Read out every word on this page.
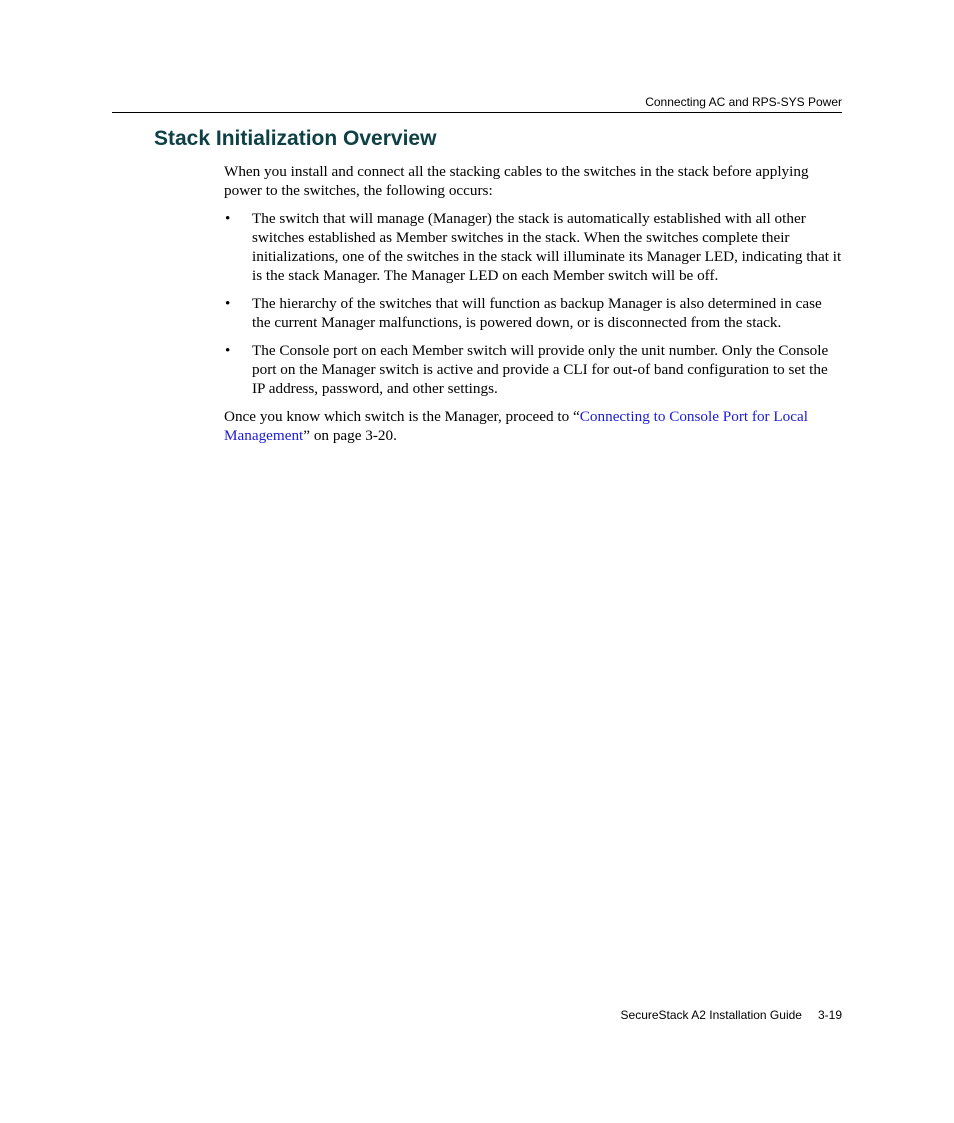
Connecting AC and RPS-SYS Power
Stack Initialization Overview

When you install and connect all the stacking cables to the switches in the stack before applying power to the switches, the following occurs:

• The switch that will manage (Manager) the stack is automatically established with all other switches established as Member switches in the stack. When the switches complete their initializations, one of the switches in the stack will illuminate its Manager LED, indicating that it is the stack Manager. The Manager LED on each Member switch will be off.
• The hierarchy of the switches that will function as backup Manager is also determined in case the current Manager malfunctions, is powered down, or is disconnected from the stack.
• The Console port on each Member switch will provide only the unit number. Only the Console port on the Manager switch is active and provide a CLI for out-of band configuration to set the IP address, password, and other settings.

Once you know which switch is the Manager, proceed to “Connecting to Console Port for Local Management” on page 3-20.

SecureStack A2 Installation Guide 3-19
